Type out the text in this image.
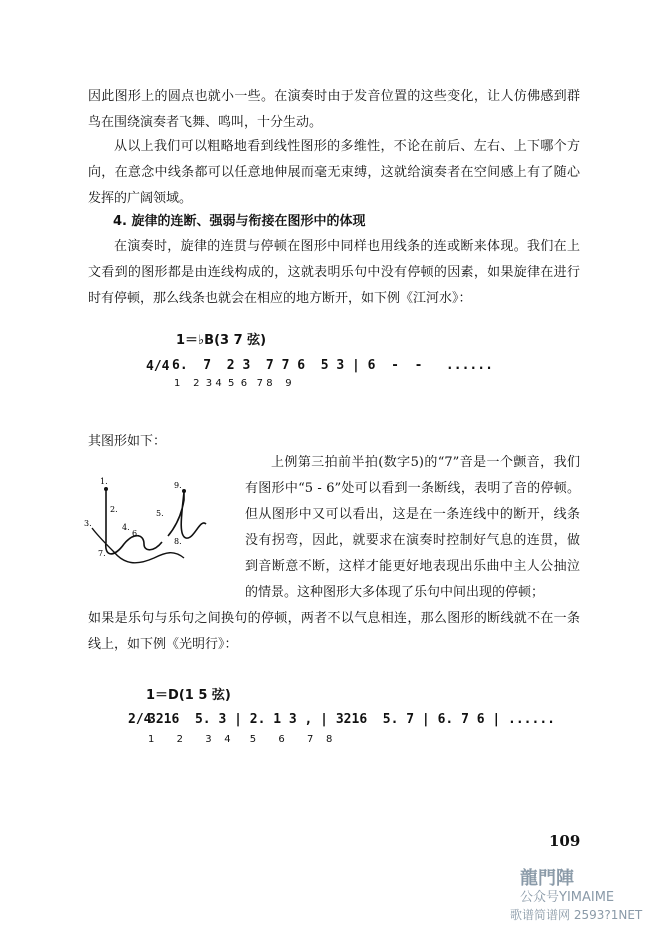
因此图形上的圆点也就小一些。在演奏时由于发音位置的这些变化，让人仿佛感到群鸟在围绕演奏者飞舞、鸣叫，十分生动。

从以上我们可以粗略地看到线性图形的多维性，不论在前后、左右、上下哪个方向，在意念中线条都可以任意地伸展而毫无束缚，这就给演奏者在空间感上有了随心发挥的广阔领域。

4. 旋律的连断、强弱与衔接在图形中的体现

在演奏时，旋律的连贯与停顿在图形中同样也用线条的连或断来体现。我们在上文看到的图形都是由连线构成的，这就表明乐句中没有停顿的因素，如果旋律在进行时有停顿，那么线条也就会在相应的地方断开，如下例《江河水》：

1＝♭B(3 7 弦)
4/4 6.  7  2 3  7 7 6  5 3 | 6  -  -   ......
1    2  3 4  5  6   7 8    9
其图形如下：
1.
2.
3.	4.
5.
6.
7.
8.
9.

上例第三拍前半拍(数字5)的“7”音是一个颤音，我们有图形中“5 - 6”处可以看到一条断线，表明了音的停顿。但从图形中又可以看出，这是在一条连线中的断开，线条没有拐弯，因此，就要求在演奏时控制好气息的连贯，做到音断意不断，这样才能更好地表现出乐曲中主人公抽泣的情景。这种图形大多体现了乐句中间出现的停顿；

如果是乐句与乐句之间换句的停顿，两者不以气息相连，那么图形的断线就不在一条线上，如下例《光明行》：

1＝D(1 5 弦)
2/4
3216  5. 3 | 2. 1 3 , | 3216  5. 7 | 6. 7 6 | ......
1       2       3    4      5       6       7    8
109
龍門陣
公众号YIMAIME
歌谱简谱网 2593?1NET
